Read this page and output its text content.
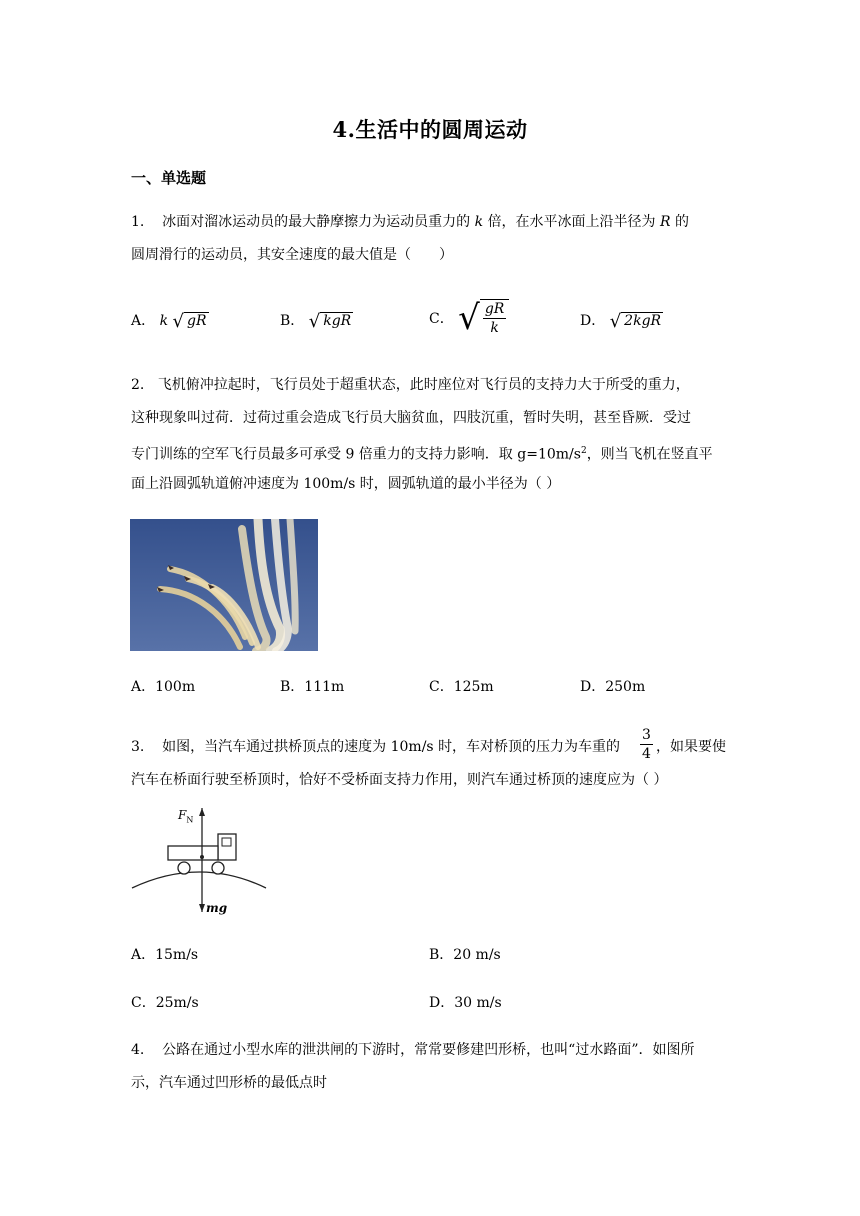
4.生活中的圆周运动
一、单选题
1. 冰面对溜冰运动员的最大静摩擦力为运动员重力的 k 倍，在水平冰面上沿半径为 R 的
圆周滑行的运动员，其安全速度的最大值是（　　）
A． k √ gR	B． √ kgR	C． √ $\frac{gR}{k}$	D． √ 2kgR
2. 飞机俯冲拉起时，飞行员处于超重状态，此时座位对飞行员的支持力大于所受的重力，
这种现象叫过荷．过荷过重会造成飞行员大脑贫血，四肢沉重，暂时失明，甚至昏厥．受过
专门训练的空军飞行员最多可承受 9 倍重力的支持力影响．取 $g=10m/s^2$，则当飞机在竖直平
面上沿圆弧轨道俯冲速度为 100m/s 时，圆弧轨道的最小半径为（ ）
A．100m	B．111m	C．125m	D．250m
3. 如图，当汽车通过拱桥顶点的速度为 10m/s 时，车对桥顶的压力为车重的 $\frac{3}{4}$ ，如果要使
汽车在桥面行驶至桥顶时，恰好不受桥面支持力作用，则汽车通过桥顶的速度应为（ ）
$F_N$
mg
A．15m/s	B．20 m/s
C．25m/s	D．30 m/s
4. 公路在通过小型水库的泄洪闸的下游时，常常要修建凹形桥，也叫“过水路面”．如图所
示，汽车通过凹形桥的最低点时
